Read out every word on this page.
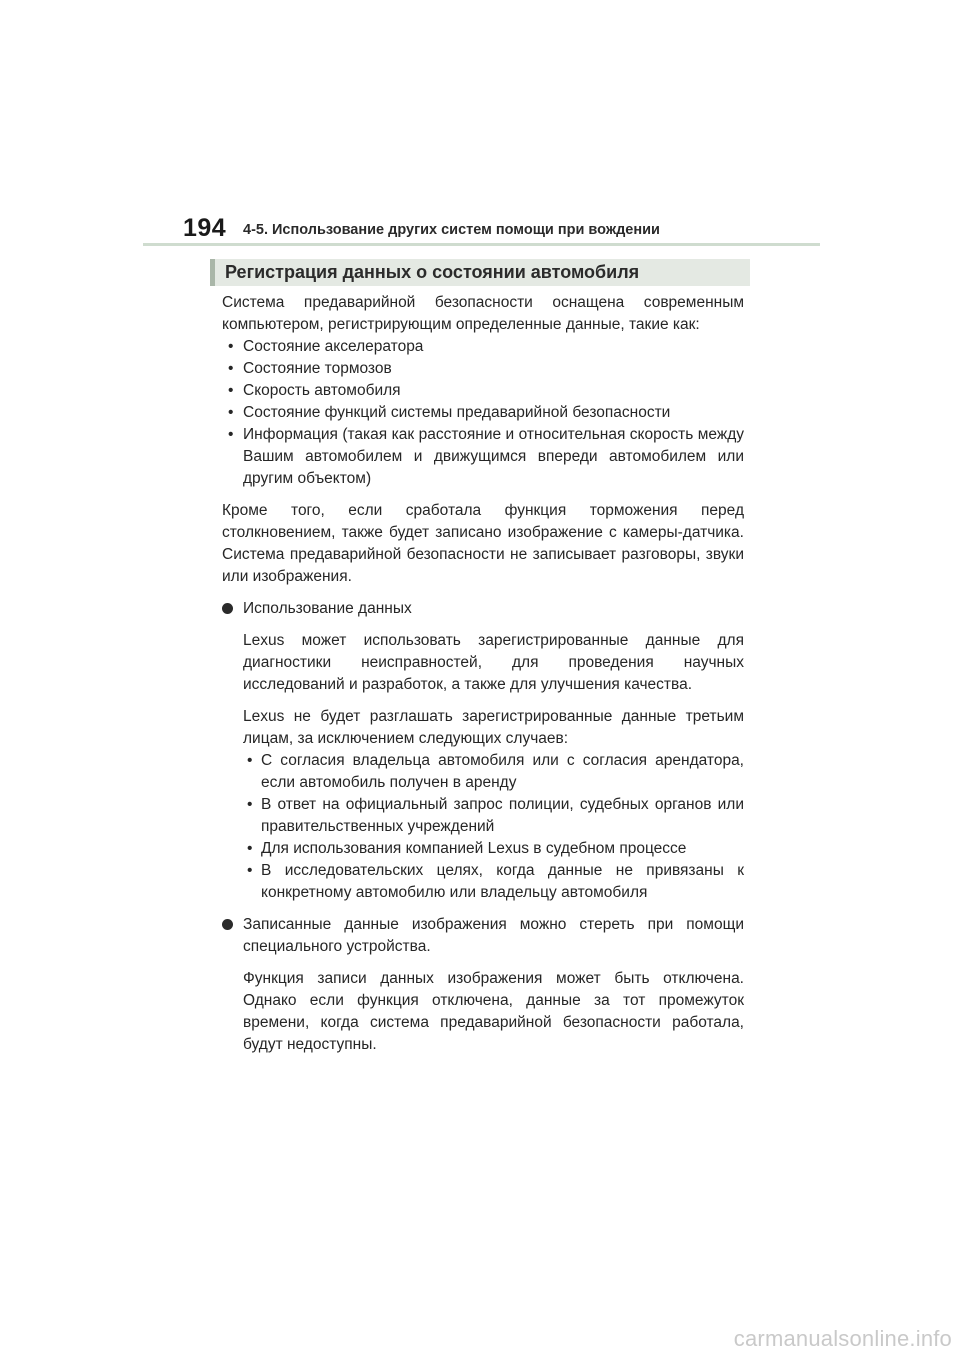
194 4-5. Использование других систем помощи при вождении
Регистрация данных о состоянии автомобиля

Система предаварийной безопасности оснащена современным компьютером, регистрирующим определенные данные, такие как:

• Состояние акселератора
• Состояние тормозов
• Скорость автомобиля
• Состояние функций системы предаварийной безопасности
• Информация (такая как расстояние и относительная скорость между Вашим автомобилем и движущимся впереди автомобилем или другим объектом)

Кроме того, если сработала функция торможения перед столкновением, также будет записано изображение с камеры-датчика. Система предаварийной безопасности не записывает разговоры, звуки или изображения.

Использование данных

Lexus может использовать зарегистрированные данные для диагностики неисправностей, для проведения научных исследований и разработок, а также для улучшения качества.

Lexus не будет разглашать зарегистрированные данные третьим лицам, за исключением следующих случаев:

• С согласия владельца автомобиля или с согласия арендатора, если автомобиль получен в аренду
• В ответ на официальный запрос полиции, судебных органов или правительственных учреждений
• Для использования компанией Lexus в судебном процессе
• В исследовательских целях, когда данные не привязаны к конкретному автомобилю или владельцу автомобиля
Записанные данные изображения можно стереть при помощи специального устройства.

Функция записи данных изображения может быть отключена. Однако если функция отключена, данные за тот промежуток времени, когда система предаварийной безопасности работала, будут недоступны.

carmanualsonline.info
